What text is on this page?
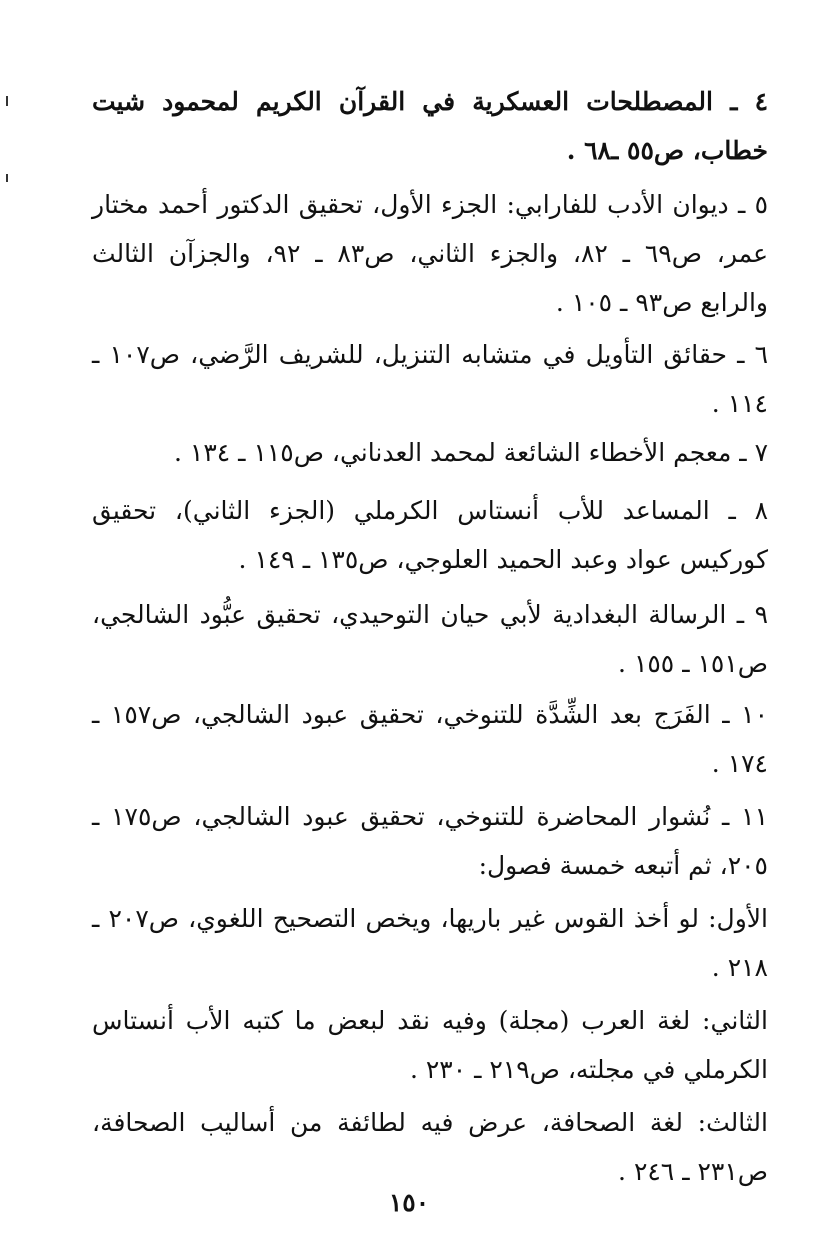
٤ ـ المصطلحات العسكرية في القرآن الكريم لمحمود شيت خطاب، ص٥٥ ـ٦٨ .

٥ ـ ديوان الأدب للفارابي: الجزء الأول، تحقيق الدكتور أحمد مختار عمر، ص٦٩ ـ ٨٢، والجزء الثاني، ص٨٣ ـ ٩٢، والجزآن الثالث والرابع ص٩٣ ـ ١٠٥ .

٦ ـ حقائق التأويل في متشابه التنزيل، للشريف الرَّضي، ص١٠٧ ـ ١١٤ .

٧ ـ معجم الأخطاء الشائعة لمحمد العدناني، ص١١٥ ـ ١٣٤ .

٨ ـ المساعد للأب أنستاس الكرملي (الجزء الثاني)، تحقيق كوركيس عواد وعبد الحميد العلوجي، ص١٣٥ ـ ١٤٩ .

٩ ـ الرسالة البغدادية لأبي حيان التوحيدي، تحقيق عبُّود الشالجي، ص١٥١ ـ ١٥٥ .

١٠ ـ الفَرَج بعد الشِّدَّة للتنوخي، تحقيق عبود الشالجي، ص١٥٧ ـ ١٧٤ .

١١ ـ نُشوار المحاضرة للتنوخي، تحقيق عبود الشالجي، ص١٧٥ ـ ٢٠٥، ثم أتبعه خمسة فصول:

الأول: لو أخذ القوس غير باريها، ويخص التصحيح اللغوي، ص٢٠٧ ـ ٢١٨ .

الثاني: لغة العرب (مجلة) وفيه نقد لبعض ما كتبه الأب أنستاس الكرملي في مجلته، ص٢١٩ ـ ٢٣٠ .

الثالث: لغة الصحافة، عرض فيه لطائفة من أساليب الصحافة، ص٢٣١ ـ ٢٤٦ .

١٥٠
